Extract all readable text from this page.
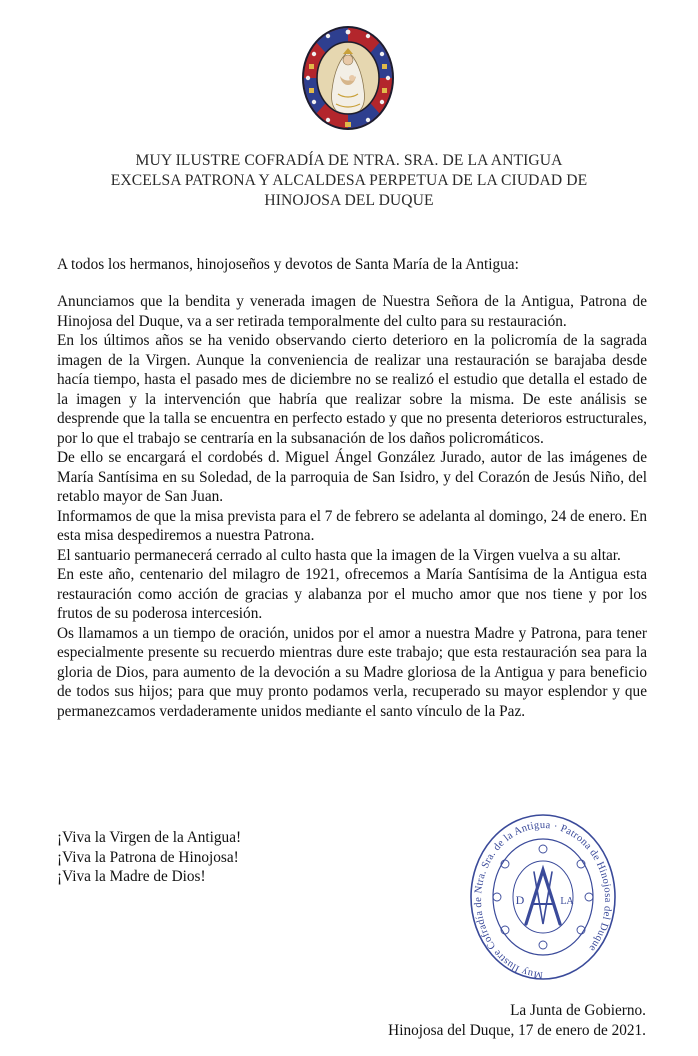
MUY ILUSTRE COFRADÍA DE NTRA. SRA. DE LA ANTIGUA
EXCELSA PATRONA Y ALCALDESA PERPETUA DE LA CIUDAD DE
HINOJOSA DEL DUQUE
A todos los hermanos, hinojoseños y devotos de Santa María de la Antigua:

Anunciamos que la bendita y venerada imagen de Nuestra Señora de la Antigua, Patrona de Hinojosa del Duque, va a ser retirada temporalmente del culto para su restauración.

En los últimos años se ha venido observando cierto deterioro en la policromía de la sagrada imagen de la Virgen. Aunque la conveniencia de realizar una restauración se barajaba desde hacía tiempo, hasta el pasado mes de diciembre no se realizó el estudio que detalla el estado de la imagen y la intervención que habría que realizar sobre la misma. De este análisis se desprende que la talla se encuentra en perfecto estado y que no presenta deterioros estructurales, por lo que el trabajo se centraría en la subsanación de los daños policromáticos.

De ello se encargará el cordobés d. Miguel Ángel González Jurado, autor de las imágenes de María Santísima en su Soledad, de la parroquia de San Isidro, y del Corazón de Jesús Niño, del retablo mayor de San Juan.

Informamos de que la misa prevista para el 7 de febrero se adelanta al domingo, 24 de enero. En esta misa despediremos a nuestra Patrona.

El santuario permanecerá cerrado al culto hasta que la imagen de la Virgen vuelva a su altar.

En este año, centenario del milagro de 1921, ofrecemos a María Santísima de la Antigua esta restauración como acción de gracias y alabanza por el mucho amor que nos tiene y por los frutos de su poderosa intercesión.

Os llamamos a un tiempo de oración, unidos por el amor a nuestra Madre y Patrona, para tener especialmente presente su recuerdo mientras dure este trabajo; que esta restauración sea para la gloria de Dios, para aumento de la devoción a su Madre gloriosa de la Antigua y para beneficio de todos sus hijos; para que muy pronto podamos verla, recuperado su mayor esplendor y que permanezcamos verdaderamente unidos mediante el santo vínculo de la Paz.

¡Viva la Virgen de la Antigua!
¡Viva la Patrona de Hinojosa!
¡Viva la Madre de Dios!
Muy Ilustre Cofradía de Ntra. Sra. de la Antigua · Patrona de Hinojosa del Duque
D	LA
La Junta de Gobierno.
Hinojosa del Duque, 17 de enero de 2021.
